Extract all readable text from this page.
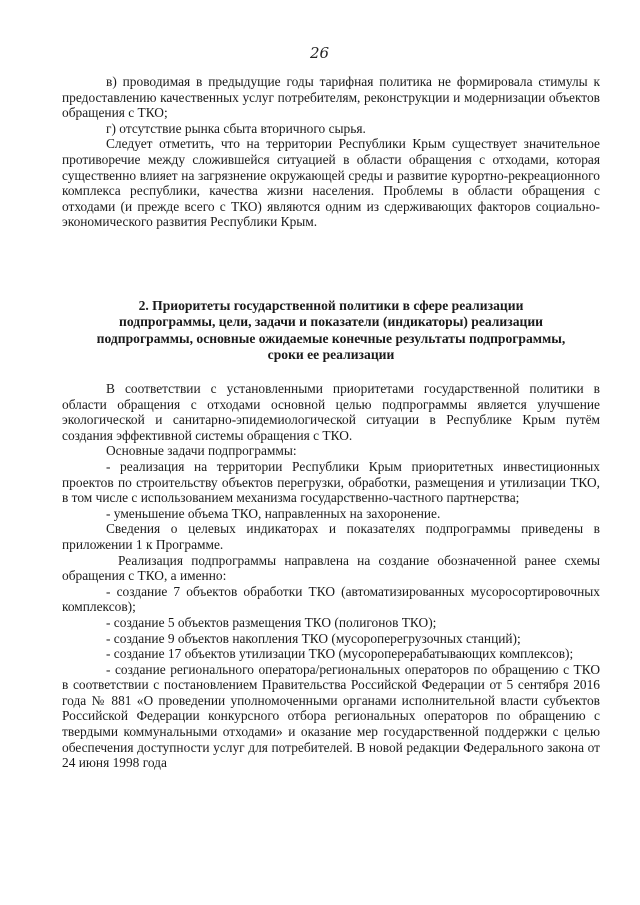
26

в) проводимая в предыдущие годы тарифная политика не формировала стимулы к предоставлению качественных услуг потребителям, реконструкции и модернизации объектов обращения с ТКО;

г) отсутствие рынка сбыта вторичного сырья.

Следует отметить, что на территории Республики Крым существует значительное противоречие между сложившейся ситуацией в области обращения с отходами, которая существенно влияет на загрязнение окружающей среды и развитие курортно-рекреационного комплекса республики, качества жизни населения. Проблемы в области обращения с отходами (и прежде всего с ТКО) являются одним из сдерживающих факторов социально-экономического развития Республики Крым.

2. Приоритеты государственной политики в сфере реализации

подпрограммы, цели, задачи и показатели (индикаторы) реализации

подпрограммы, основные ожидаемые конечные результаты подпрограммы,

сроки ее реализации

В соответствии с установленными приоритетами государственной политики в области обращения с отходами основной целью подпрограммы является улучшение экологической и санитарно-эпидемиологической ситуации в Республике Крым путём создания эффективной системы обращения с ТКО.

Основные задачи подпрограммы:

- реализация на территории Республики Крым приоритетных инвестиционных проектов по строительству объектов перегрузки, обработки, размещения и утилизации ТКО, в том числе с использованием механизма государственно-частного партнерства;

- уменьшение объема ТКО, направленных на захоронение.

Сведения о целевых индикаторах и показателях подпрограммы приведены в приложении 1 к Программе.

Реализация подпрограммы направлена на создание обозначенной ранее схемы обращения с ТКО, а именно:

- создание 7 объектов обработки ТКО (автоматизированных мусоросортировочных комплексов);

- создание 5 объектов размещения ТКО (полигонов ТКО);

- создание 9 объектов накопления ТКО (мусороперегрузочных станций);

- создание 17 объектов утилизации ТКО (мусороперерабатывающих комплексов);

- создание регионального оператора/региональных операторов по обращению с ТКО в соответствии с постановлением Правительства Российской Федерации от 5 сентября 2016 года № 881 «О проведении уполномоченными органами исполнительной власти субъектов Российской Федерации конкурсного отбора региональных операторов по обращению с твердыми коммунальными отходами» и оказание мер государственной поддержки с целью обеспечения доступности услуг для потребителей. В новой редакции Федерального закона от 24 июня 1998 года
